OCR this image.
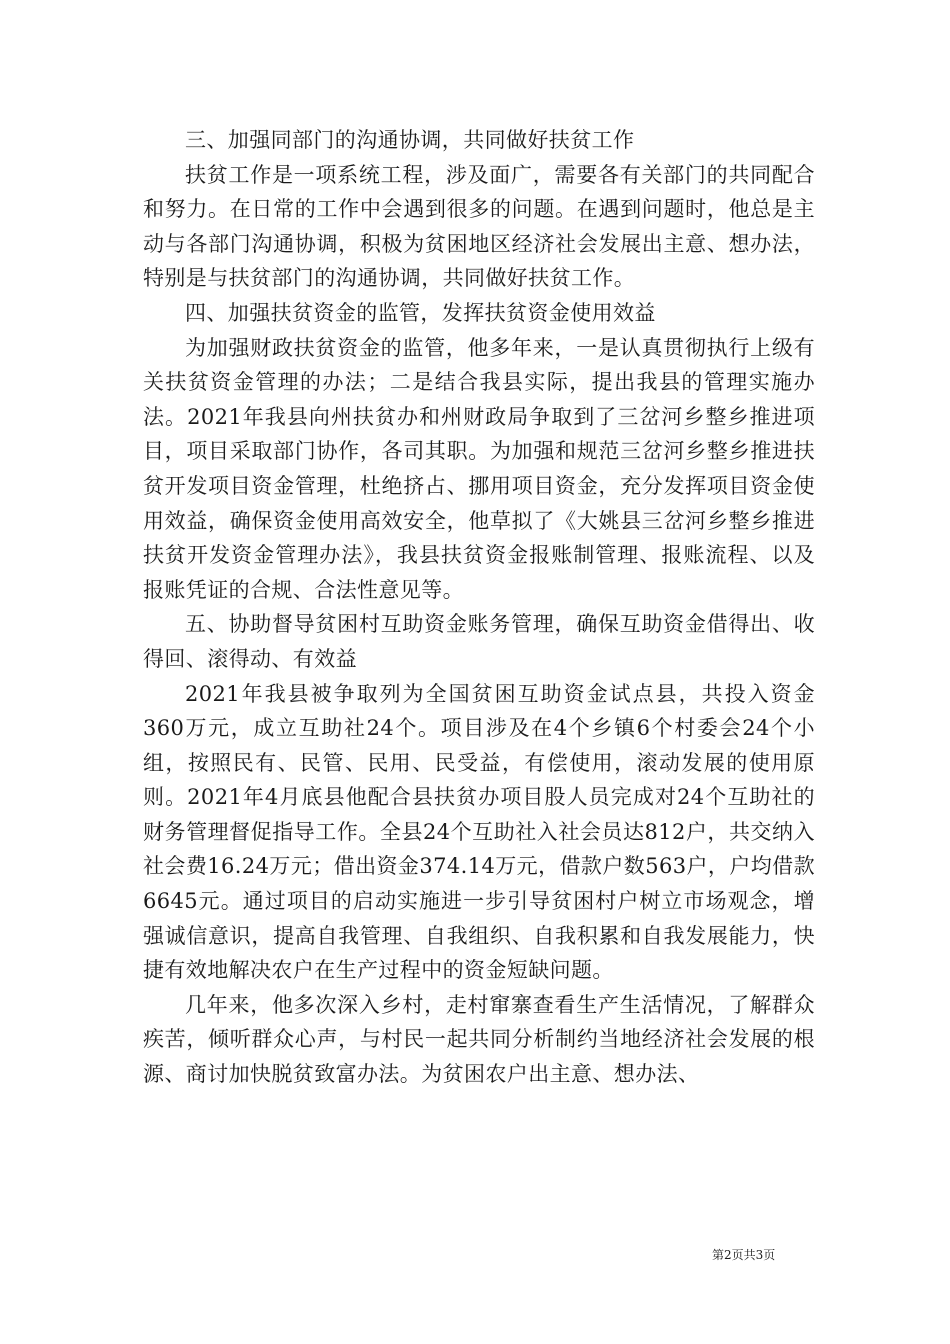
三、加强同部门的沟通协调，共同做好扶贫工作

扶贫工作是一项系统工程，涉及面广，需要各有关部门的共同配合和努力。在日常的工作中会遇到很多的问题。在遇到问题时，他总是主动与各部门沟通协调，积极为贫困地区经济社会发展出主意、想办法，特别是与扶贫部门的沟通协调，共同做好扶贫工作。

四、加强扶贫资金的监管，发挥扶贫资金使用效益

为加强财政扶贫资金的监管，他多年来，一是认真贯彻执行上级有关扶贫资金管理的办法；二是结合我县实际，提出我县的管理实施办法。2021年我县向州扶贫办和州财政局争取到了三岔河乡整乡推进项目，项目采取部门协作，各司其职。为加强和规范三岔河乡整乡推进扶贫开发项目资金管理，杜绝挤占、挪用项目资金，充分发挥项目资金使用效益，确保资金使用高效安全，他草拟了《大姚县三岔河乡整乡推进扶贫开发资金管理办法》，我县扶贫资金报账制管理、报账流程、以及报账凭证的合规、合法性意见等。

五、协助督导贫困村互助资金账务管理，确保互助资金借得出、收得回、滚得动、有效益

2021年我县被争取列为全国贫困互助资金试点县，共投入资金360万元，成立互助社24个。项目涉及在4个乡镇6个村委会24个小组，按照民有、民管、民用、民受益，有偿使用，滚动发展的使用原则。2021年4月底县他配合县扶贫办项目股人员完成对24个互助社的财务管理督促指导工作。全县24个互助社入社会员达812户，共交纳入社会费16.24万元；借出资金374.14万元，借款户数563户，户均借款6645元。通过项目的启动实施进一步引导贫困村户树立市场观念，增强诚信意识，提高自我管理、自我组织、自我积累和自我发展能力，快捷有效地解决农户在生产过程中的资金短缺问题。

几年来，他多次深入乡村，走村窜寨查看生产生活情况，了解群众疾苦，倾听群众心声，与村民一起共同分析制约当地经济社会发展的根源、商讨加快脱贫致富办法。为贫困农户出主意、想办法、

第2页共3页
